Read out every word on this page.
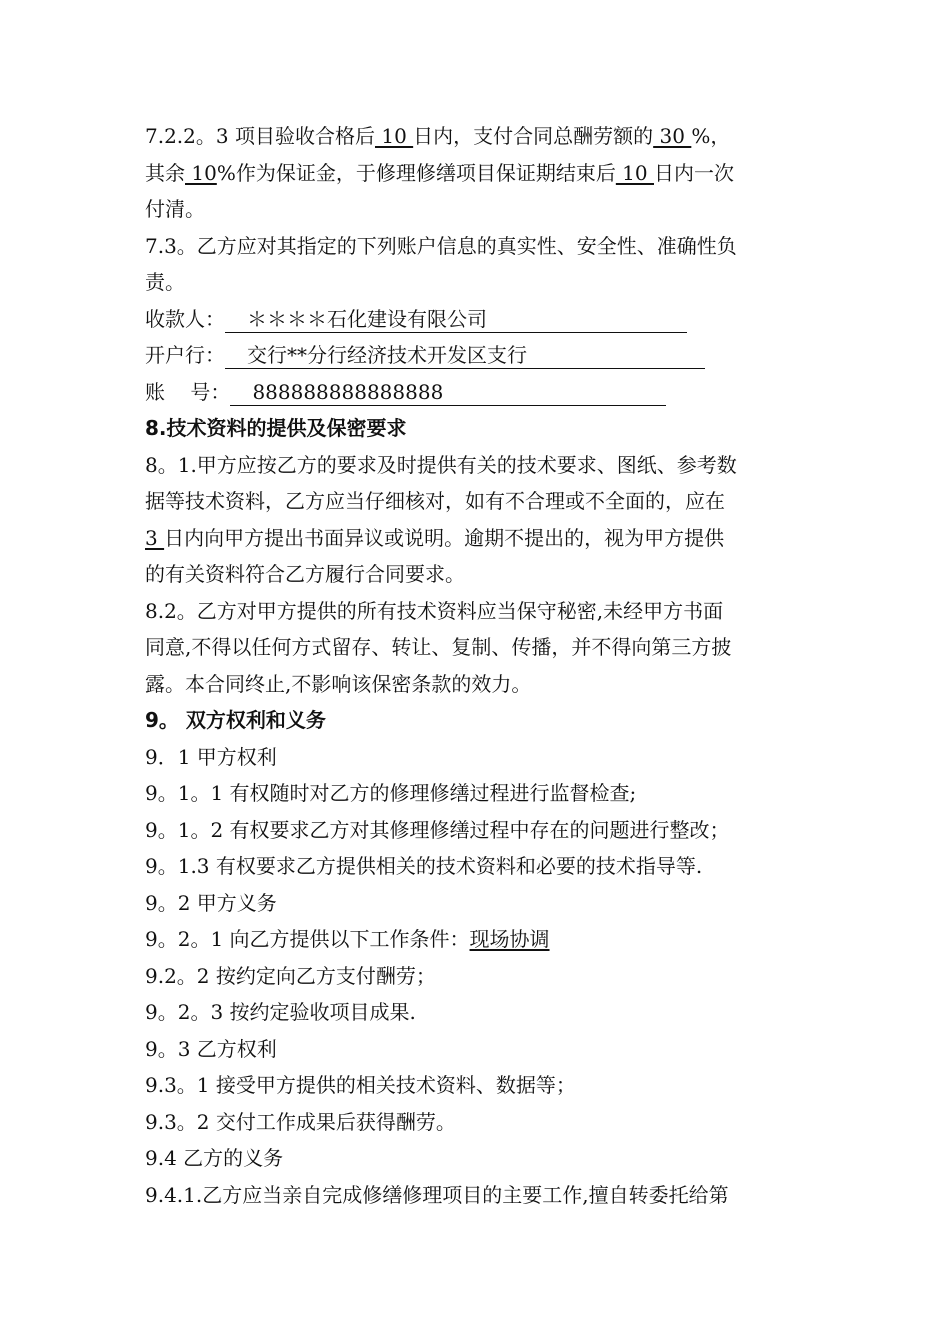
7.2.2。3 项目验收合格后 10 日内，支付合同总酬劳额的 30 %，
其余 10%作为保证金，于修理修缮项目保证期结束后 10 日内一次
付清。
7.3。乙方应对其指定的下列账户信息的真实性、安全性、准确性负
责。
收款人： ＊＊＊＊石化建设有限公司
开户行： 交行**分行经济技术开发区支行
账    号： 888888888888888
8.技术资料的提供及保密要求
8。1.甲方应按乙方的要求及时提供有关的技术要求、图纸、参考数
据等技术资料，乙方应当仔细核对，如有不合理或不全面的，应在
3 日内向甲方提出书面异议或说明。逾期不提出的，视为甲方提供
的有关资料符合乙方履行合同要求。
8.2。乙方对甲方提供的所有技术资料应当保守秘密,未经甲方书面
同意,不得以任何方式留存、转让、复制、传播，并不得向第三方披
露。本合同终止,不影响该保密条款的效力。
9。 双方权利和义务
9．1 甲方权利
9。1。1 有权随时对乙方的修理修缮过程进行监督检查;
9。1。2 有权要求乙方对其修理修缮过程中存在的问题进行整改；
9。1.3 有权要求乙方提供相关的技术资料和必要的技术指导等.
9。2 甲方义务
9。2。1 向乙方提供以下工作条件：现场协调
9.2。2 按约定向乙方支付酬劳；
9。2。3 按约定验收项目成果.
9。3 乙方权利
9.3。1 接受甲方提供的相关技术资料、数据等；
9.3。2 交付工作成果后获得酬劳。
9.4 乙方的义务
9.4.1.乙方应当亲自完成修缮修理项目的主要工作,擅自转委托给第
